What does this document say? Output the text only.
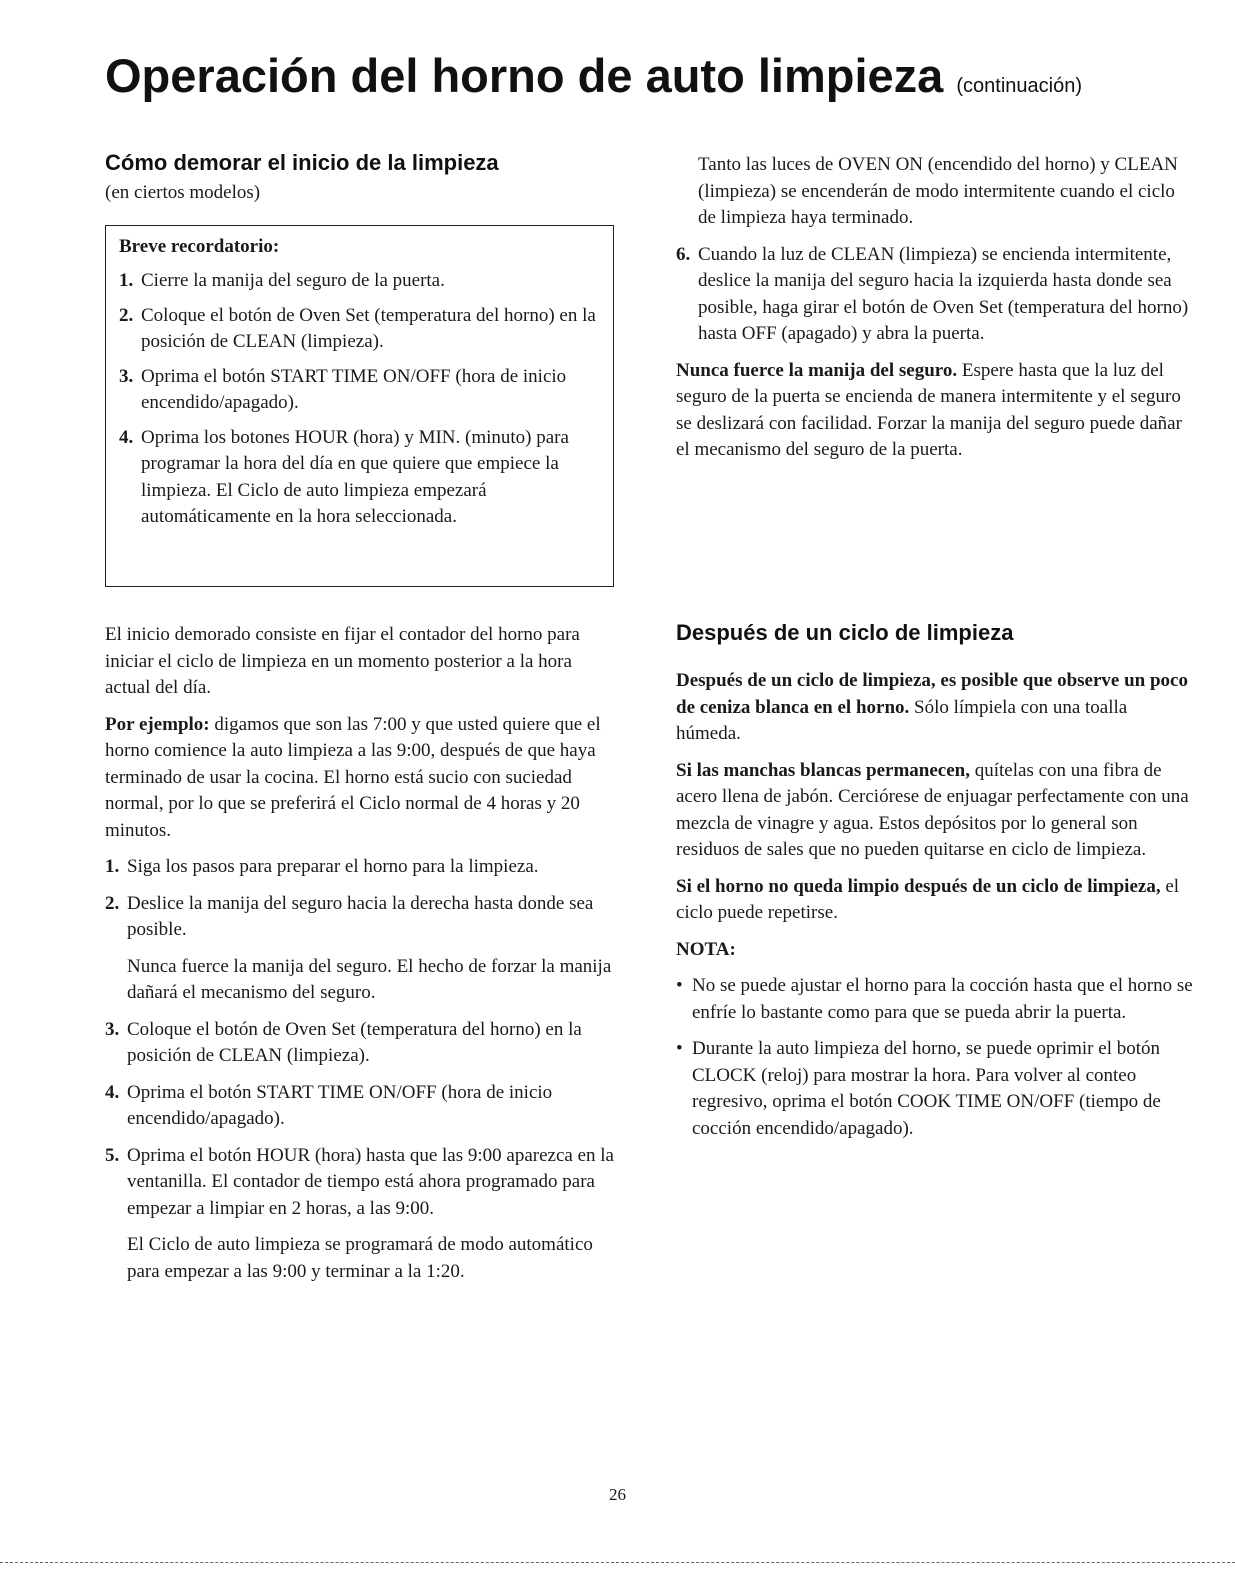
Operación del horno de auto limpieza (continuación)
Cómo demorar el inicio de la limpieza
(en ciertos modelos)
Breve recordatorio:
1. Cierre la manija del seguro de la puerta.
2. Coloque el botón de Oven Set (temperatura del horno) en la posición de CLEAN (limpieza).
3. Oprima el botón START TIME ON/OFF (hora de inicio encendido/apagado).
4. Oprima los botones HOUR (hora) y MIN. (minuto) para programar la hora del día en que quiere que empiece la limpieza. El Ciclo de auto limpieza empezará automáticamente en la hora seleccionada.

El inicio demorado consiste en fijar el contador del horno para iniciar el ciclo de limpieza en un momento posterior a la hora actual del día.

Por ejemplo: digamos que son las 7:00 y que usted quiere que el horno comience la auto limpieza a las 9:00, después de que haya terminado de usar la cocina. El horno está sucio con suciedad normal, por lo que se preferirá el Ciclo normal de 4 horas y 20 minutos.

1. Siga los pasos para preparar el horno para la limpieza.
2. Deslice la manija del seguro hacia la derecha hasta donde sea posible.

Nunca fuerce la manija del seguro. El hecho de forzar la manija dañará el mecanismo del seguro.

3. Coloque el botón de Oven Set (temperatura del horno) en la posición de CLEAN (limpieza).
4. Oprima el botón START TIME ON/OFF (hora de inicio encendido/apagado).
5. Oprima el botón HOUR (hora) hasta que las 9:00 aparezca en la ventanilla. El contador de tiempo está ahora programado para empezar a limpiar en 2 horas, a las 9:00.

El Ciclo de auto limpieza se programará de modo automático para empezar a las 9:00 y terminar a la 1:20.

Tanto las luces de OVEN ON (encendido del horno) y CLEAN (limpieza) se encenderán de modo intermitente cuando el ciclo de limpieza haya terminado.

6. Cuando la luz de CLEAN (limpieza) se encienda intermitente, deslice la manija del seguro hacia la izquierda hasta donde sea posible, haga girar el botón de Oven Set (temperatura del horno) hasta OFF (apagado) y abra la puerta.

Nunca fuerce la manija del seguro. Espere hasta que la luz del seguro de la puerta se encienda de manera intermitente y el seguro se deslizará con facilidad. Forzar la manija del seguro puede dañar el mecanismo del seguro de la puerta.

Después de un ciclo de limpieza

Después de un ciclo de limpieza, es posible que observe un poco de ceniza blanca en el horno. Sólo límpiela con una toalla húmeda.

Si las manchas blancas permanecen, quítelas con una fibra de acero llena de jabón. Cerciórese de enjuagar perfectamente con una mezcla de vinagre y agua. Estos depósitos por lo general son residuos de sales que no pueden quitarse en ciclo de limpieza.

Si el horno no queda limpio después de un ciclo de limpieza, el ciclo puede repetirse.

NOTA:

• No se puede ajustar el horno para la cocción hasta que el horno se enfríe lo bastante como para que se pueda abrir la puerta.
• Durante la auto limpieza del horno, se puede oprimir el botón CLOCK (reloj) para mostrar la hora. Para volver al conteo regresivo, oprima el botón COOK TIME ON/OFF (tiempo de cocción encendido/apagado).
26
